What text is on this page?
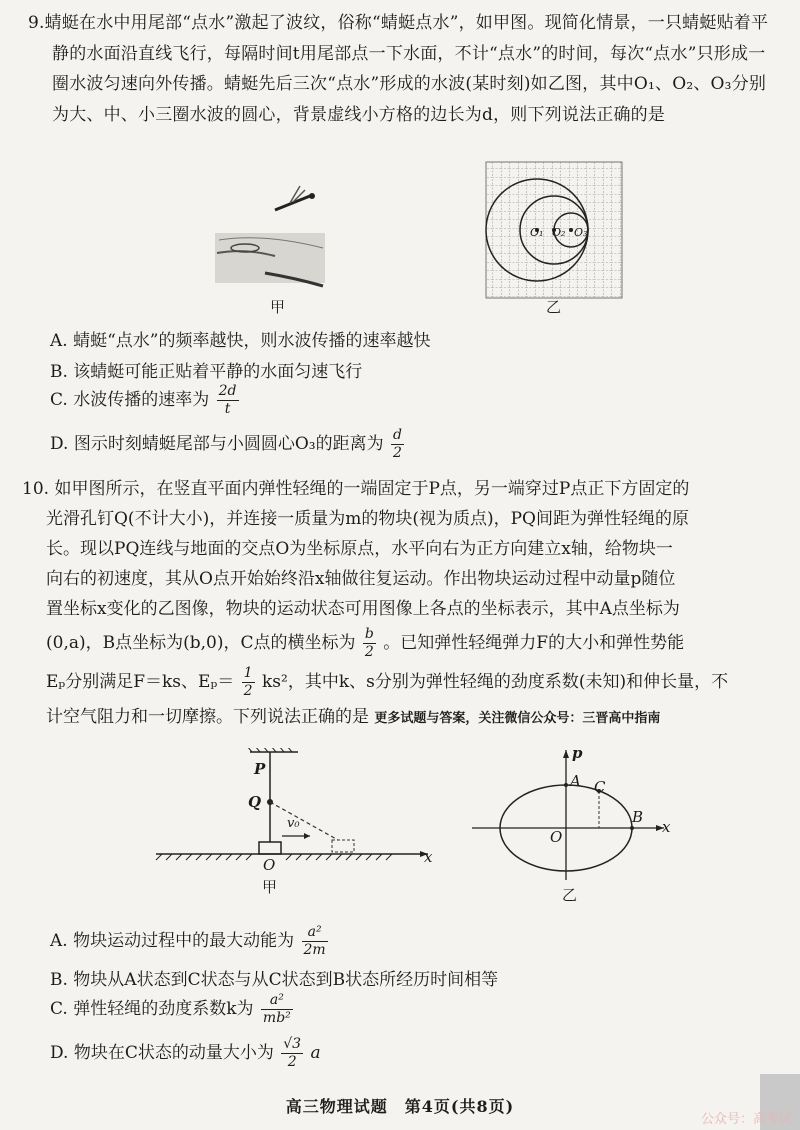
9.蜻蜓在水中用尾部“点水”激起了波纹，俗称“蜻蜓点水”，如甲图。现简化情景，一只蜻蜓贴着平静的水面沿直线飞行，每隔时间t用尾部点一下水面，不计“点水”的时间，每次“点水”只形成一圈水波匀速向外传播。蜻蜓先后三次“点水”形成的水波(某时刻)如乙图，其中O₁、O₂、O₃分别为大、中、小三圈水波的圆心，背景虚线小方格的边长为d，则下列说法正确的是
甲
O₁ O₂ O₃
乙
A. 蜻蜓“点水”的频率越快，则水波传播的速率越快
B. 该蜻蜓可能正贴着平静的水面匀速飞行
C. 水波传播的速率为 $\frac{2d}{t}$
D. 图示时刻蜻蜓尾部与小圆圆心O₃的距离为 $\frac{d}{2}$
10. 如甲图所示，在竖直平面内弹性轻绳的一端固定于P点，另一端穿过P点正下方固定的
光滑孔钉Q(不计大小)，并连接一质量为m的物块(视为质点)，PQ间距为弹性轻绳的原
长。现以PQ连线与地面的交点O为坐标原点，水平向右为正方向建立x轴，给物块一
向右的初速度，其从O点开始始终沿x轴做往复运动。作出物块运动过程中动量p随位
置坐标x变化的乙图像，物块的运动状态可用图像上各点的坐标表示，其中A点坐标为
(0,a)，B点坐标为(b,0)，C点的横坐标为 $\frac{b}{2}$ 。已知弹性轻绳弹力F的大小和弹性势能
Eₚ分别满足F＝ks、$E_p= \frac{1}{2} ks^2$，其中k、s分别为弹性轻绳的劲度系数(未知)和伸长量，不
计空气阻力和一切摩擦。下列说法正确的是 更多试题与答案，关注微信公众号：三晋高中指南
P
Q
v₀
O	x
甲
p
A C
B
O
x
乙
A. 物块运动过程中的最大动能为 $\frac{\text{a²}}{2m}$
B. 物块从A状态到C状态与从C状态到B状态所经历时间相等
C. 弹性轻绳的劲度系数k为 $\frac{\text{a²}}{\text{mb²}}$
D. 物块在C状态的动量大小为 $\frac{√3}{2}$ a
高三物理试题　第4页(共8页)
公众号：高考试
